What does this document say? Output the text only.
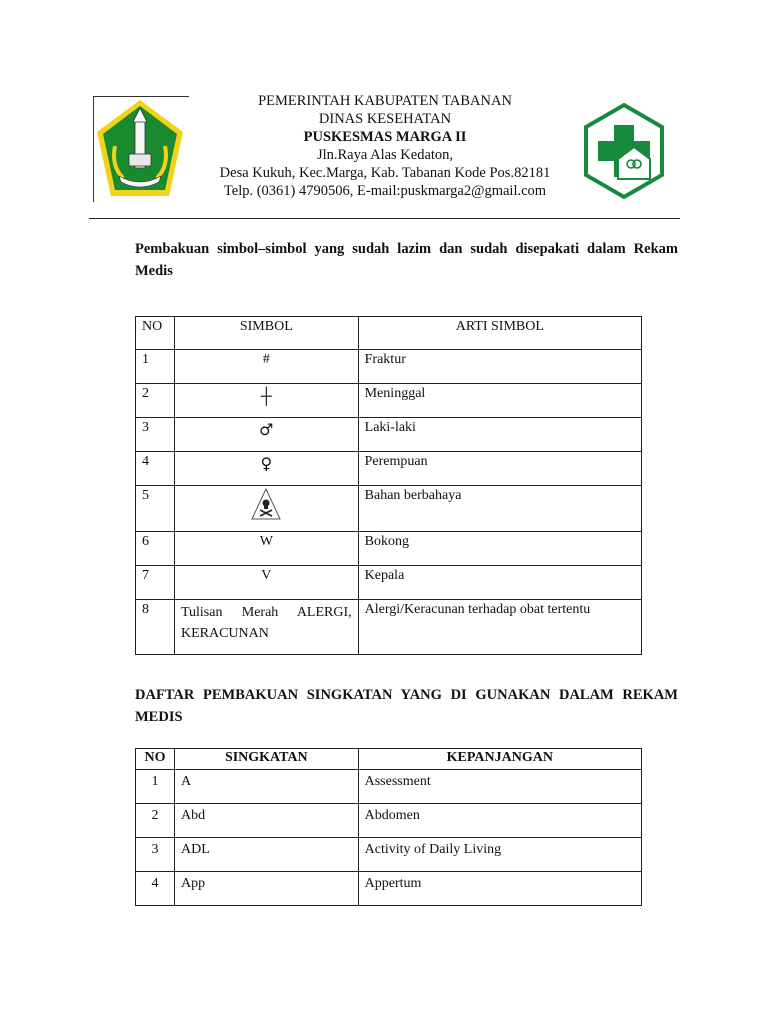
PEMERINTAH KABUPATEN TABANAN
DINAS KESEHATAN
PUSKESMAS MARGA II
Jln.Raya Alas Kedaton,
Desa Kukuh, Kec.Marga, Kab. Tabanan Kode Pos.82181
Telp. (0361) 4790506, E-mail:puskmarga2@gmail.com
Pembakuan simbol–simbol yang sudah lazim dan sudah disepakati dalam Rekam Medis
NO	SIMBOL	ARTI SIMBOL
1	#	Fraktur
2	┼	Meninggal
3	♂	Laki-laki
4	♀	Perempuan
5		Bahan berbahaya
6	W	Bokong
7	V	Kepala
8	Tulisan Merah ALERGI, KERACUNAN	Alergi/Keracunan terhadap obat tertentu
DAFTAR PEMBAKUAN SINGKATAN YANG DI GUNAKAN DALAM REKAM MEDIS
NO	SINGKATAN	KEPANJANGAN
1	A	Assessment
2	Abd	Abdomen
3	ADL	Activity of Daily Living
4	App	Appertum
